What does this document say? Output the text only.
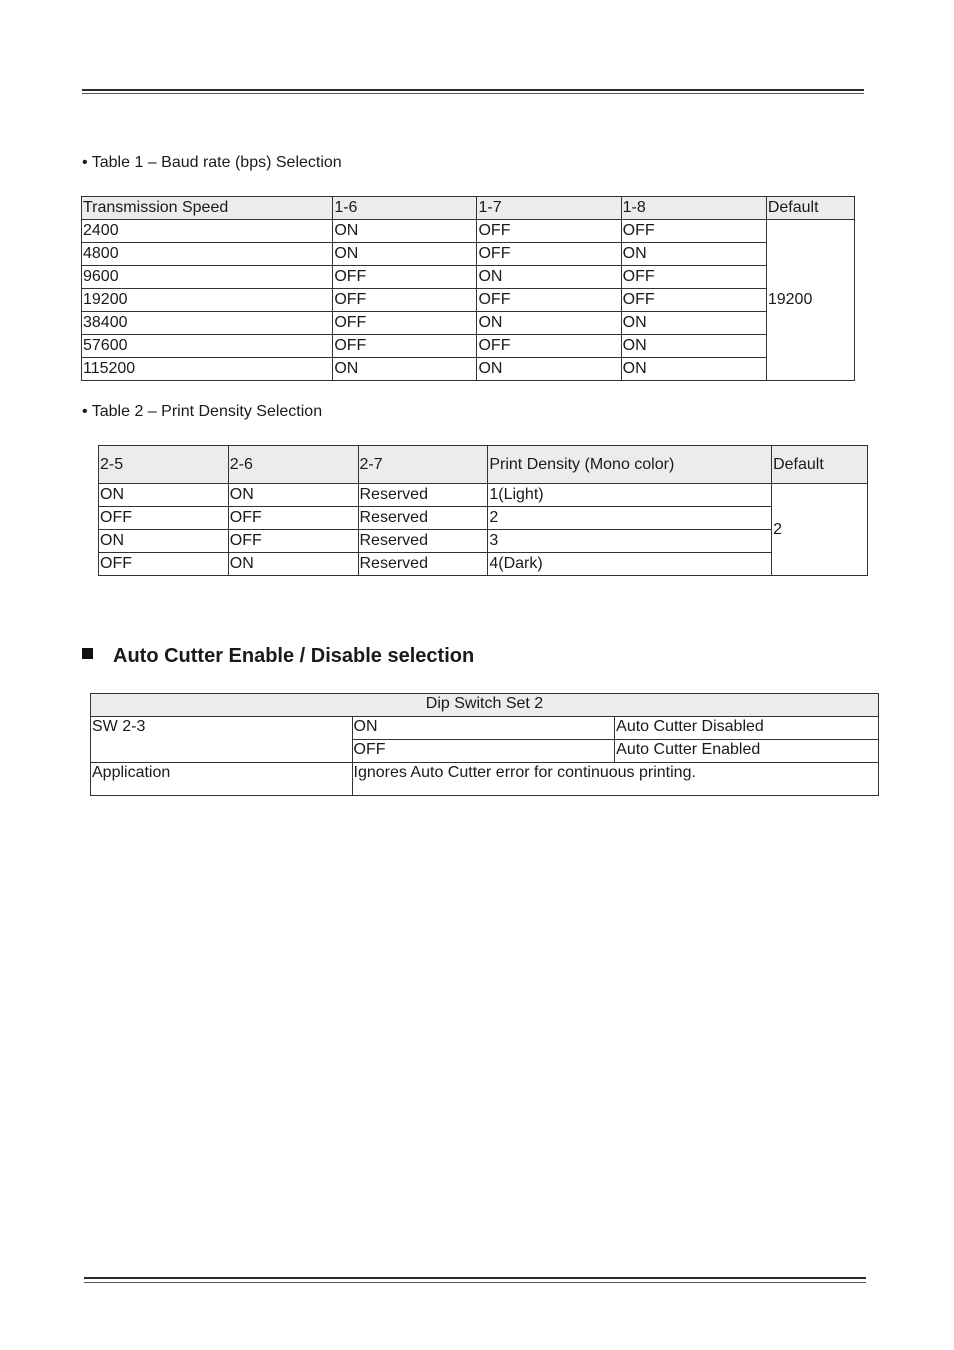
• Table 1 – Baud rate (bps) Selection
Transmission Speed	1-6	1-7	1-8	Default
2400	ON	OFF	OFF	19200
4800	ON	OFF	ON	
9600	OFF	ON	OFF	
19200	OFF	OFF	OFF	
38400	OFF	ON	ON	
57600	OFF	OFF	ON	
115200	ON	ON	ON	
• Table 2 – Print Density Selection
2-5	2-6	2-7	Print Density (Mono color)	Default
ON	ON	Reserved	1(Light)	2
OFF	OFF	Reserved	2	
ON	OFF	Reserved	3	
OFF	ON	Reserved	4(Dark)	
Auto Cutter Enable / Disable selection
Dip Switch Set 2		
SW 2-3	ON	Auto Cutter Disabled
	OFF	Auto Cutter Enabled
Application	Ignores Auto Cutter error for continuous printing.	
